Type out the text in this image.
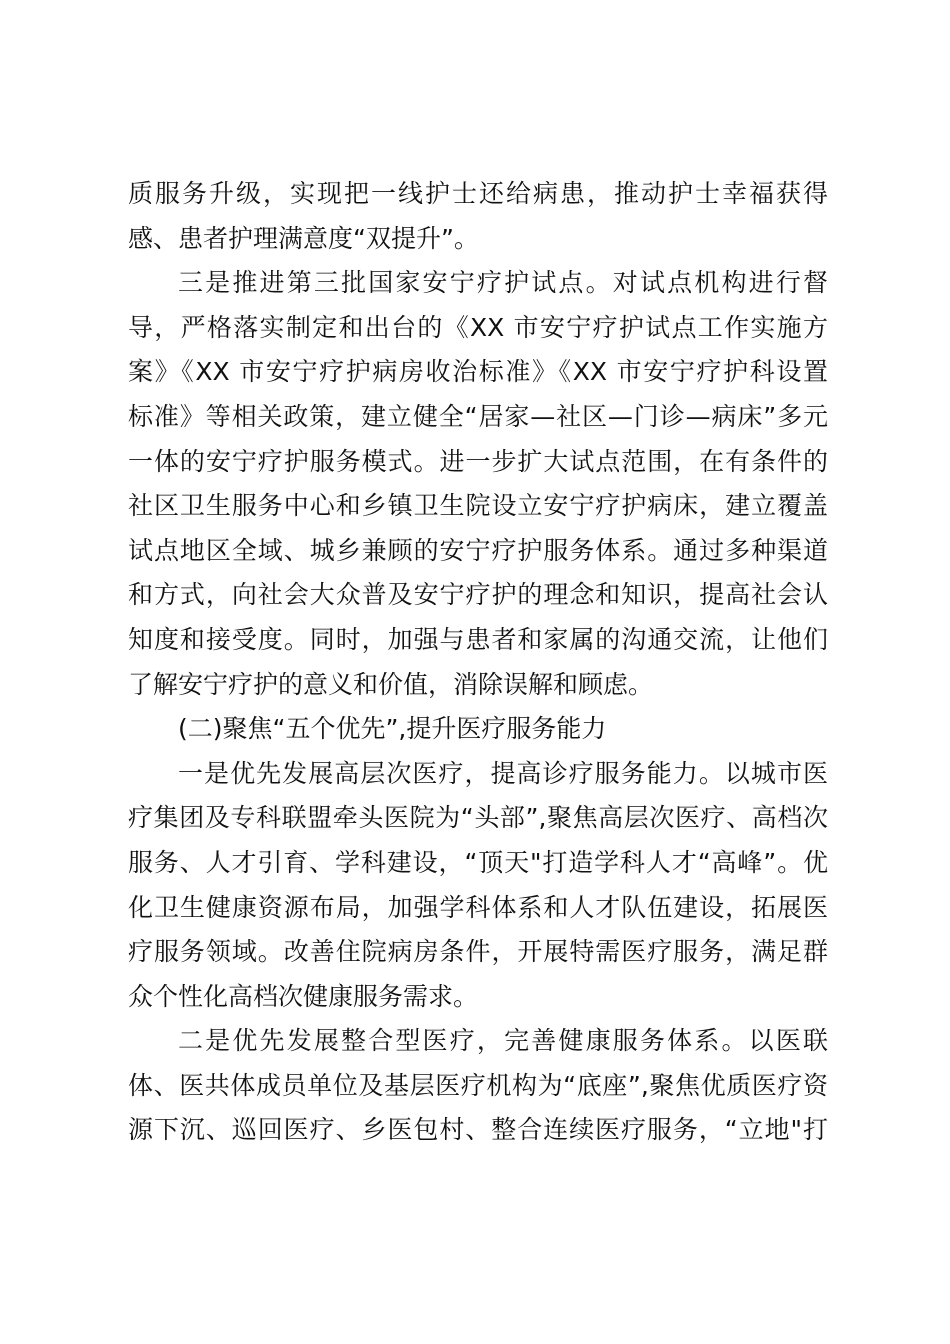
质服务升级，实现把一线护士还给病患，推动护士幸福获得
感、患者护理满意度“双提升”。
三是推进第三批国家安宁疗护试点。对试点机构进行督
导，严格落实制定和出台的《XX 市安宁疗护试点工作实施方
案》《XX 市安宁疗护病房收治标准》《XX 市安宁疗护科设置
标准》等相关政策，建立健全“居家—社区—门诊—病床”多元
一体的安宁疗护服务模式。进一步扩大试点范围，在有条件的
社区卫生服务中心和乡镇卫生院设立安宁疗护病床，建立覆盖
试点地区全域、城乡兼顾的安宁疗护服务体系。通过多种渠道
和方式，向社会大众普及安宁疗护的理念和知识，提高社会认
知度和接受度。同时，加强与患者和家属的沟通交流，让他们
了解安宁疗护的意义和价值，消除误解和顾虑。
(二)聚焦“五个优先”,提升医疗服务能力
一是优先发展高层次医疗，提高诊疗服务能力。以城市医
疗集团及专科联盟牵头医院为“头部”,聚焦高层次医疗、高档次
服务、人才引育、学科建设，“顶天"打造学科人才“高峰”。优
化卫生健康资源布局，加强学科体系和人才队伍建设，拓展医
疗服务领域。改善住院病房条件，开展特需医疗服务，满足群
众个性化高档次健康服务需求。
二是优先发展整合型医疗，完善健康服务体系。以医联
体、医共体成员单位及基层医疗机构为“底座”,聚焦优质医疗资
源下沉、巡回医疗、乡医包村、整合连续医疗服务，“立地"打
